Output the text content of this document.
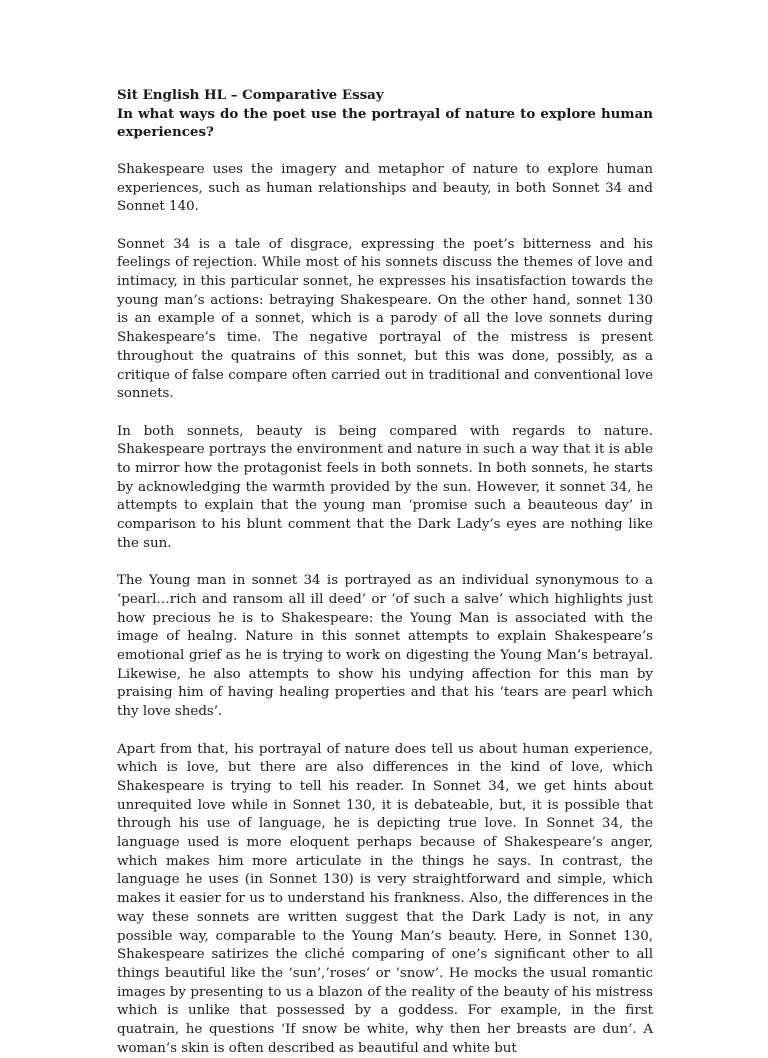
Sit English HL – Comparative Essay

In what ways do the poet use the portrayal of nature to explore human experiences?

Shakespeare uses the imagery and metaphor of nature to explore human experiences, such as human relationships and beauty, in both Sonnet 34 and Sonnet 140.

Sonnet 34 is a tale of disgrace, expressing the poet’s bitterness and his feelings of rejection. While most of his sonnets discuss the themes of love and intimacy, in this particular sonnet, he expresses his insatisfaction towards the young man’s actions: betraying Shakespeare. On the other hand, sonnet 130 is an example of a sonnet, which is a parody of all the love sonnets during Shakespeare’s time. The negative portrayal of the mistress is present throughout the quatrains of this sonnet, but this was done, possibly, as a critique of false compare often carried out in traditional and conventional love sonnets.

In both sonnets, beauty is being compared with regards to nature. Shakespeare portrays the environment and nature in such a way that it is able to mirror how the protagonist feels in both sonnets. In both sonnets, he starts by acknowledging the warmth provided by the sun. However, it sonnet 34, he attempts to explain that the young man ‘promise such a beauteous day’ in comparison to his blunt comment that the Dark Lady’s eyes are nothing like the sun.

The Young man in sonnet 34 is portrayed as an individual synonymous to a ‘pearl…rich and ransom all ill deed’ or ‘of such a salve’ which highlights just how precious he is to Shakespeare: the Young Man is associated with the image of healng. Nature in this sonnet attempts to explain Shakespeare’s emotional grief as he is trying to work on digesting the Young Man’s betrayal. Likewise, he also attempts to show his undying affection for this man by praising him of having healing properties and that his ‘tears are pearl which thy love sheds’.

Apart from that, his portrayal of nature does tell us about human experience, which is love, but there are also differences in the kind of love, which Shakespeare is trying to tell his reader. In Sonnet 34, we get hints about unrequited love while in Sonnet 130, it is debateable, but, it is possible that through his use of language, he is depicting true love. In Sonnet 34, the language used is more eloquent perhaps because of Shakespeare’s anger, which makes him more articulate in the things he says. In contrast, the language he uses (in Sonnet 130) is very straightforward and simple, which makes it easier for us to understand his frankness. Also, the differences in the way these sonnets are written suggest that the Dark Lady is not, in any possible way, comparable to the Young Man’s beauty. Here, in Sonnet 130, Shakespeare satirizes the cliché comparing of one’s significant other to all things beautiful like the ‘sun’,’roses’ or ‘snow’. He mocks the usual romantic images by presenting to us a blazon of the reality of the beauty of his mistress which is unlike that possessed by a goddess. For example, in the first quatrain, he questions ‘If snow be white, why then her breasts are dun’. A woman’s skin is often described as beautiful and white but
